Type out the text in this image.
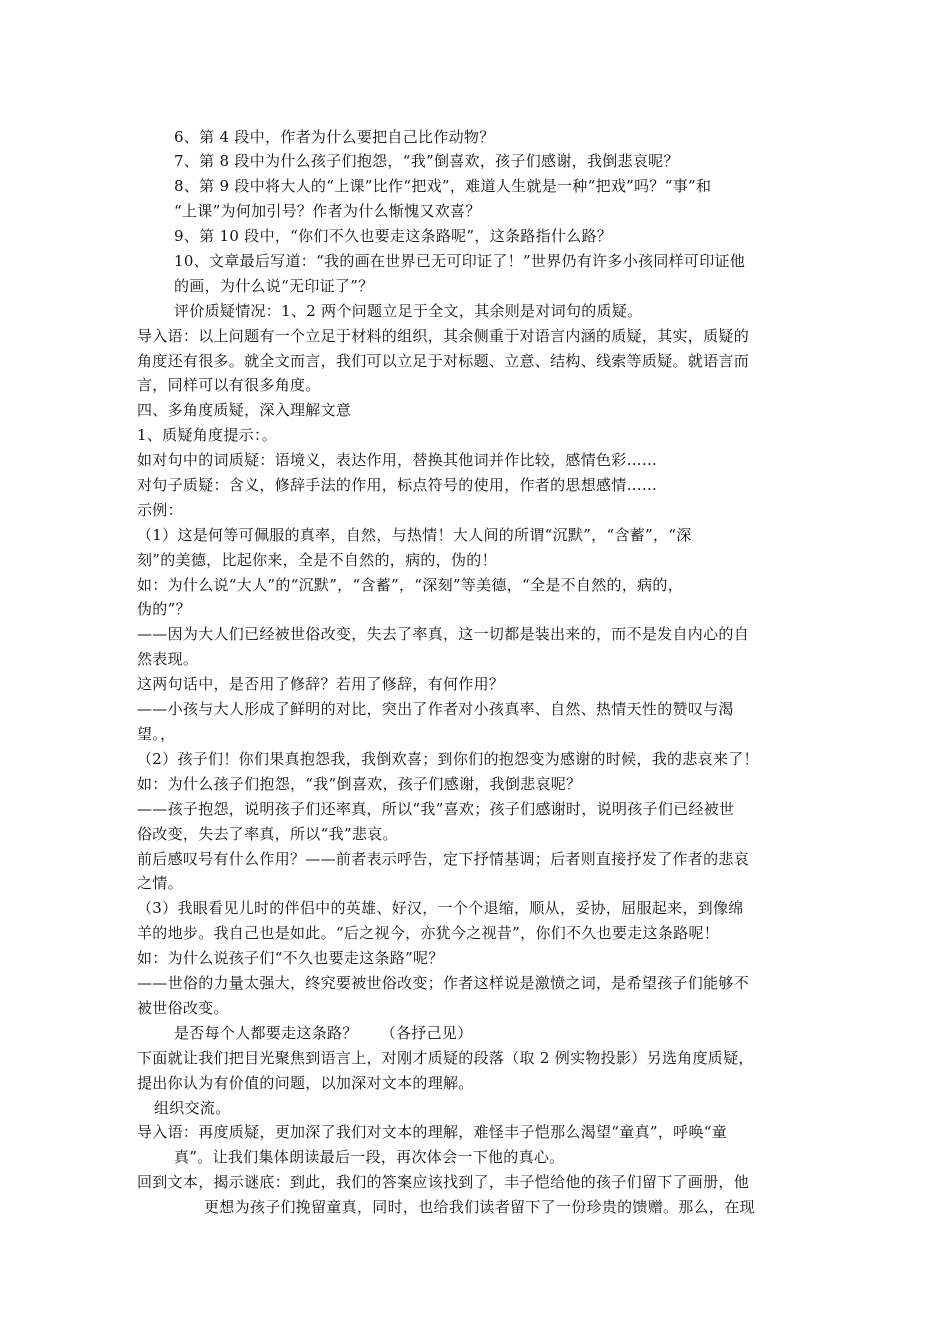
6、第 4 段中，作者为什么要把自己比作动物？
7、第 8 段中为什么孩子们抱怨，“我”倒喜欢，孩子们感谢，我倒悲哀呢？
8、第 9 段中将大人的“上课”比作“把戏”，难道人生就是一种“把戏”吗？“事”和
“上课”为何加引号？作者为什么惭愧又欢喜？
9、第 10 段中，“你们不久也要走这条路呢”，这条路指什么路？
10、文章最后写道：“我的画在世界已无可印证了！”世界仍有许多小孩同样可印证他
的画，为什么说“无印证了”？
评价质疑情况：1、2 两个问题立足于全文，其余则是对词句的质疑。
导入语：以上问题有一个立足于材料的组织，其余侧重于对语言内涵的质疑，其实，质疑的
角度还有很多。就全文而言，我们可以立足于对标题、立意、结构、线索等质疑。就语言而
言，同样可以有很多角度。
四、多角度质疑，深入理解文意
1、质疑角度提示：。
如对句中的词质疑：语境义，表达作用，替换其他词并作比较，感情色彩……
对句子质疑：含义，修辞手法的作用，标点符号的使用，作者的思想感情……
示例：
（1）这是何等可佩服的真率，自然，与热情！大人间的所谓“沉默”，“含蓄”，“深
刻”的美德，比起你来，全是不自然的，病的，伪的！
如：为什么说“大人”的“沉默”，“含蓄”，“深刻”等美德，“全是不自然的，病的，
伪的”？
——因为大人们已经被世俗改变，失去了率真，这一切都是装出来的，而不是发自内心的自
然表现。
这两句话中，是否用了修辞？若用了修辞，有何作用？
——小孩与大人形成了鲜明的对比，突出了作者对小孩真率、自然、热情天性的赞叹与渴
望。，
（2）孩子们！你们果真抱怨我，我倒欢喜；到你们的抱怨变为感谢的时候，我的悲哀来了！
如：为什么孩子们抱怨，“我”倒喜欢，孩子们感谢，我倒悲哀呢？
——孩子抱怨，说明孩子们还率真，所以“我”喜欢；孩子们感谢时，说明孩子们已经被世
俗改变，失去了率真，所以“我”悲哀。
前后感叹号有什么作用？——前者表示呼告，定下抒情基调；后者则直接抒发了作者的悲哀
之情。
（3）我眼看见儿时的伴侣中的英雄、好汉，一个个退缩，顺从，妥协，屈服起来，到像绵
羊的地步。我自己也是如此。“后之视今，亦犹今之视昔”，你们不久也要走这条路呢！
如：为什么说孩子们“不久也要走这条路”呢？
——世俗的力量太强大，终究要被世俗改变；作者这样说是激愤之词，是希望孩子们能够不
被世俗改变。
是否每个人都要走这条路？　　（各抒己见）
下面就让我们把目光聚焦到语言上，对刚才质疑的段落（取 2 例实物投影）另选角度质疑，
提出你认为有价值的问题，以加深对文本的理解。
组织交流。
导入语：再度质疑，更加深了我们对文本的理解，难怪丰子恺那么渴望“童真”，呼唤“童
真”。让我们集体朗读最后一段，再次体会一下他的真心。
回到文本，揭示谜底：到此，我们的答案应该找到了，丰子恺给他的孩子们留下了画册，他
更想为孩子们挽留童真，同时，也给我们读者留下了一份珍贵的馈赠。那么，在现
